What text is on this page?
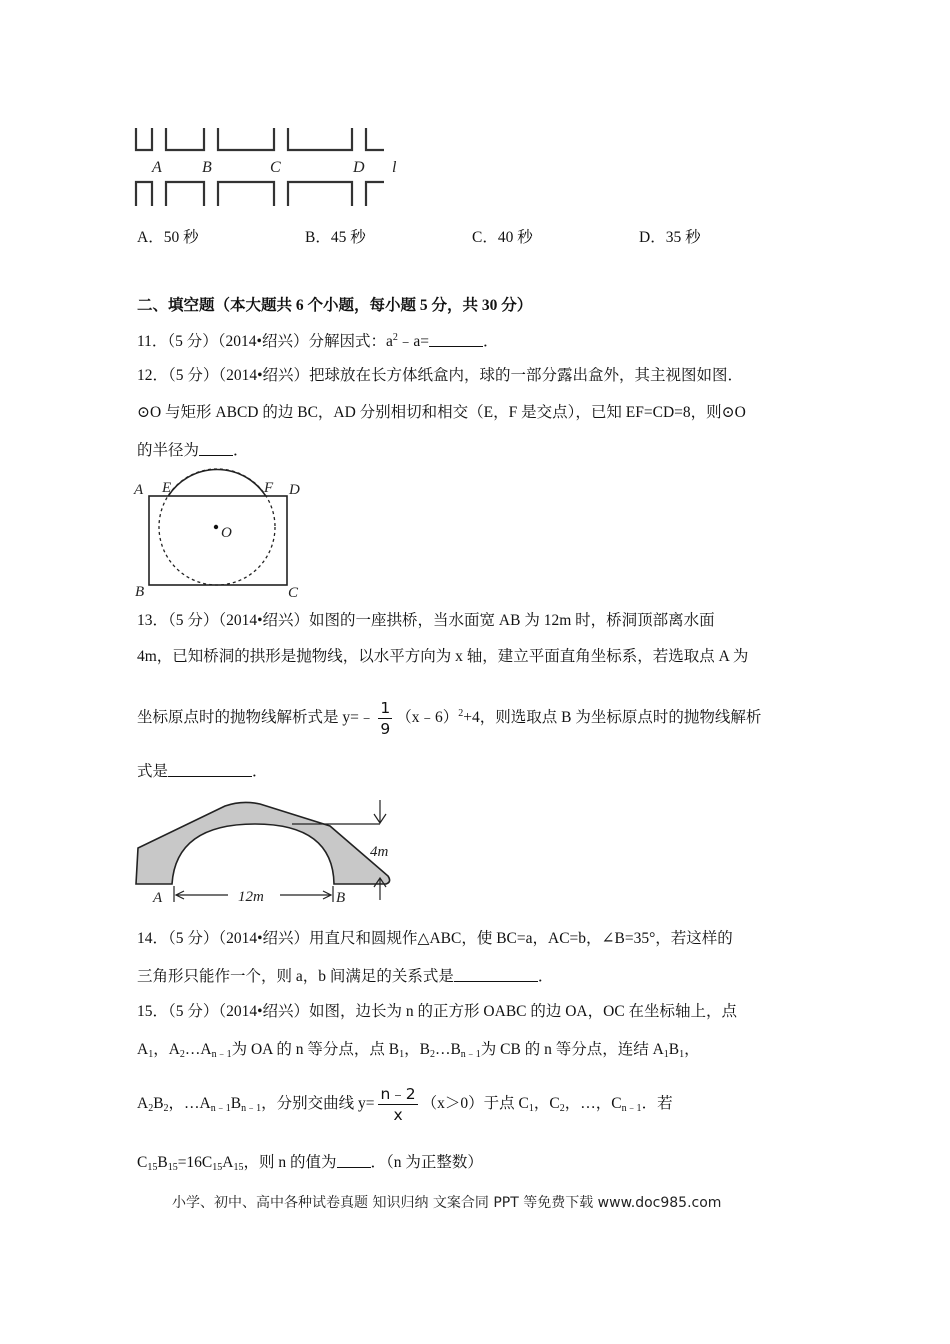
A	B	C	D l
A．50 秒	B．45 秒	C．40 秒	D．35 秒
二、填空题（本大题共 6 个小题，每小题 5 分，共 30 分）
11．（5 分）（2014•绍兴）分解因式：$a^2﹣a=$	．
12．（5 分）（2014•绍兴）把球放在长方体纸盒内，球的一部分露出盒外，其主视图如图．
⊙O 与矩形 ABCD 的边 BC，AD 分别相切和相交（E，F 是交点），已知 EF=CD=8，则⊙O
的半径为 ．
A E	F D
O
B	C
13．（5 分）（2014•绍兴）如图的一座拱桥，当水面宽 AB 为 12m 时，桥洞顶部离水面
4m，已知桥洞的拱形是抛物线，以水平方向为 x 轴，建立平面直角坐标系，若选取点 A 为
坐标原点时的抛物线解析式是 y=﹣ $\frac{1}{9}$ （x﹣6）$^2$+4，则选取点 B 为坐标原点时的抛物线解析
式是	．
4m
A	12m	B
14．（5 分）（2014•绍兴）用直尺和圆规作△ABC，使 BC=a，AC=b，∠B=35°，若这样的
三角形只能作一个，则 a，b 间满足的关系式是	．
15．（5 分）（2014•绍兴）如图，边长为 n 的正方形 OABC 的边 OA，OC 在坐标轴上，点
$A_1$，$A_2\dots A_{n﹣1}$为 OA 的 n 等分点，点 $B_1$，$B_2\dots B_{n﹣1}$为 CB 的 n 等分点，连结 $A_1B_1$，
$A_2B_2$，$\dots A_{n﹣1}B_{n﹣1}$，分别交曲线 $y= \frac{n﹣2}{x} (x>0)$于点 $C_1$，$C_2$，…，$C_{n﹣1}$．若
$C_{15}B_{15}=16C_{15}A_{15}$，则 n 的值为 ．（n 为正整数）
小学、初中、高中各种试卷真题 知识归纳 文案合同 PPT 等免费下载 www.doc985.com
